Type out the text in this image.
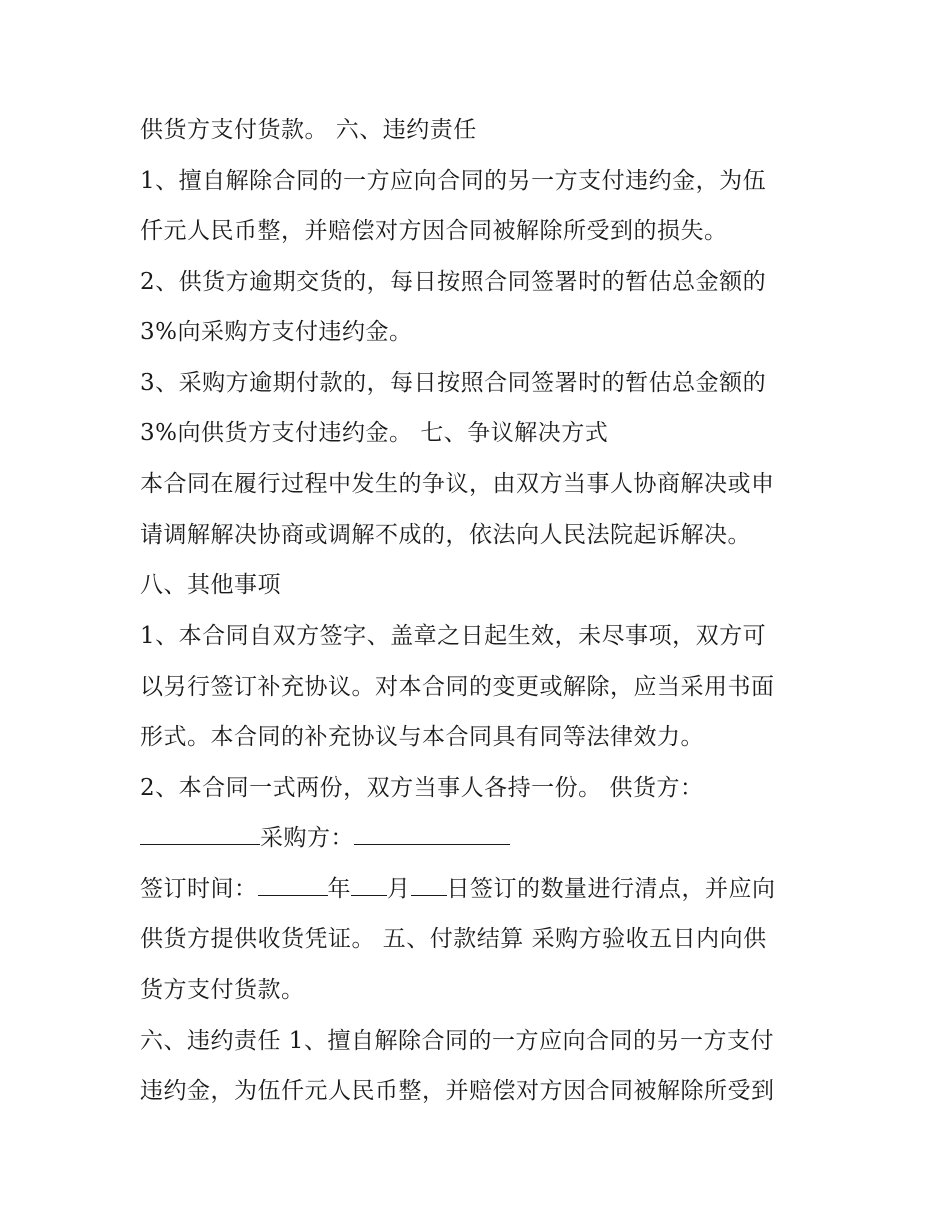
供货方支付货款。 六、违约责任
1、擅自解除合同的一方应向合同的另一方支付违约金，为伍
仟元人民币整，并赔偿对方因合同被解除所受到的损失。
2、供货方逾期交货的，每日按照合同签署时的暂估总金额的
3%向采购方支付违约金。
3、采购方逾期付款的，每日按照合同签署时的暂估总金额的
3%向供货方支付违约金。 七、争议解决方式
本合同在履行过程中发生的争议，由双方当事人协商解决或申
请调解解决协商或调解不成的，依法向人民法院起诉解决。
八、其他事项
1、本合同自双方签字、盖章之日起生效，未尽事项，双方可
以另行签订补充协议。对本合同的变更或解除，应当采用书面
形式。本合同的补充协议与本合同具有同等法律效力。
2、本合同一式两份，双方当事人各持一份。 供货方：
采购方：
签订时间：	年 月 日签订的数量进行清点，并应向
供货方提供收货凭证。 五、付款结算 采购方验收五日内向供
货方支付货款。
六、违约责任 1、擅自解除合同的一方应向合同的另一方支付
违约金，为伍仟元人民币整，并赔偿对方因合同被解除所受到
